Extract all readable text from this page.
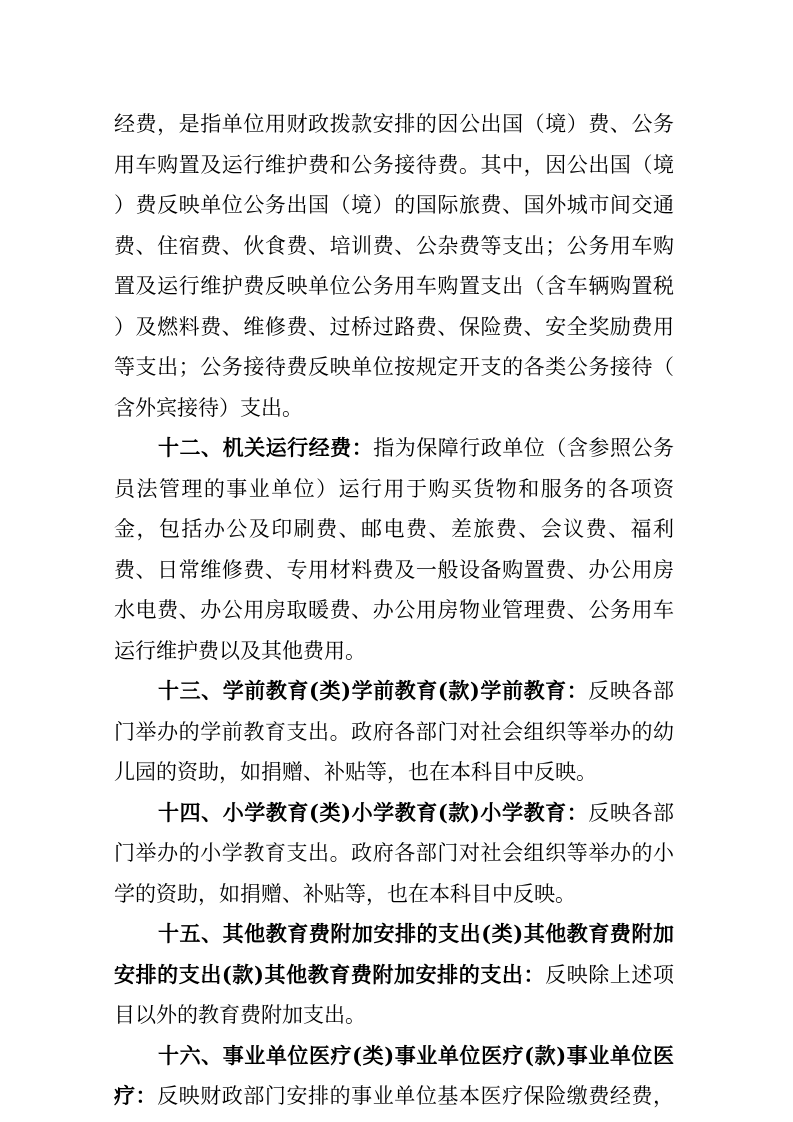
经费，是指单位用财政拨款安排的因公出国（境）费、公务
用车购置及运行维护费和公务接待费。其中，因公出国（境
）费反映单位公务出国（境）的国际旅费、国外城市间交通
费、住宿费、伙食费、培训费、公杂费等支出；公务用车购
置及运行维护费反映单位公务用车购置支出（含车辆购置税
）及燃料费、维修费、过桥过路费、保险费、安全奖励费用
等支出；公务接待费反映单位按规定开支的各类公务接待（
含外宾接待）支出。
十二、机关运行经费：指为保障行政单位（含参照公务
员法管理的事业单位）运行用于购买货物和服务的各项资
金，包括办公及印刷费、邮电费、差旅费、会议费、福利
费、日常维修费、专用材料费及一般设备购置费、办公用房
水电费、办公用房取暖费、办公用房物业管理费、公务用车
运行维护费以及其他费用。
十三、学前教育(类)学前教育(款)学前教育：反映各部
门举办的学前教育支出。政府各部门对社会组织等举办的幼
儿园的资助，如捐赠、补贴等，也在本科目中反映。
十四、小学教育(类)小学教育(款)小学教育：反映各部
门举办的小学教育支出。政府各部门对社会组织等举办的小
学的资助，如捐赠、补贴等，也在本科目中反映。
十五、其他教育费附加安排的支出(类)其他教育费附加
安排的支出(款)其他教育费附加安排的支出：反映除上述项
目以外的教育费附加支出。
十六、事业单位医疗(类)事业单位医疗(款)事业单位医
疗：反映财政部门安排的事业单位基本医疗保险缴费经费，
